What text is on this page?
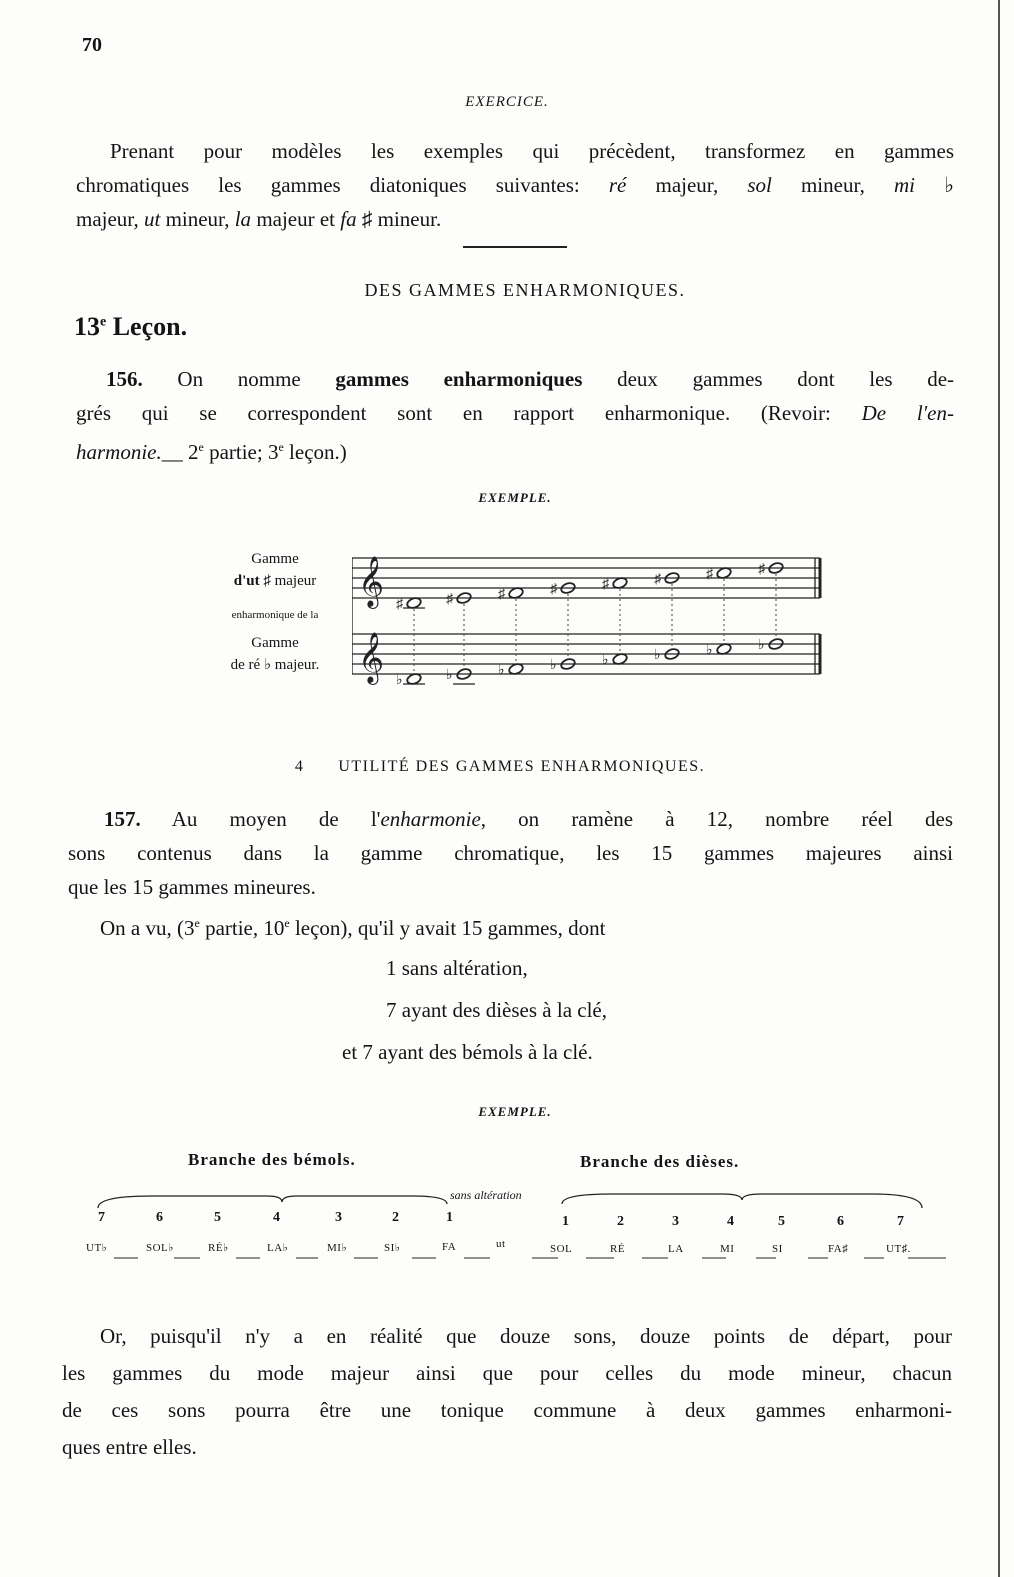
70
EXERCICE.
Prenant pour modèles les exemples qui précèdent, transformez en gammes
chromatiques les gammes diatoniques suivantes: ré majeur, sol mineur, mi ♭
majeur, ut mineur, la majeur et fa ♯ mineur.
DES GAMMES ENHARMONIQUES.
13e Leçon.
156. On nomme gammes enharmoniques deux gammes dont les de-
grés qui se correspondent sont en rapport enharmonique. (Revoir: De l'en-
harmonie.__ 2e partie; 3e leçon.)
EXEMPLE.
Gamme
d'ut ♯ majeur
enharmonique de la
Gamme
de ré ♭ majeur.
𝄞
𝄞
♯	♯	♯	♯	♯	♯	♯	♯
♭	♭	♭	♭	♭	♭	♭	♭
4 UTILITÉ DES GAMMES ENHARMONIQUES.
157. Au moyen de l'enharmonie, on ramène à 12, nombre réel des
sons contenus dans la gamme chromatique, les 15 gammes majeures ainsi
que les 15 gammes mineures.
On a vu, (3e partie, 10e leçon), qu'il y avait 15 gammes, dont
1 sans altération,
7 ayant des dièses à la clé,
et 7 ayant des bémols à la clé.
EXEMPLE.
Branche des bémols.	Branche des dièses.
sans altération
7	6	5	4	3	2	1	1	2	3	4	5	6	7
UT♭	SOL♭	RÉ♭	LA♭	MI♭	SI♭	FA	ut	SOL	RÉ	LA	MI	SI	FA♯	UT♯.
Or, puisqu'il n'y a en réalité que douze sons, douze points de départ, pour
les gammes du mode majeur ainsi que pour celles du mode mineur, chacun
de ces sons pourra être une tonique commune à deux gammes enharmoni-
ques entre elles.
